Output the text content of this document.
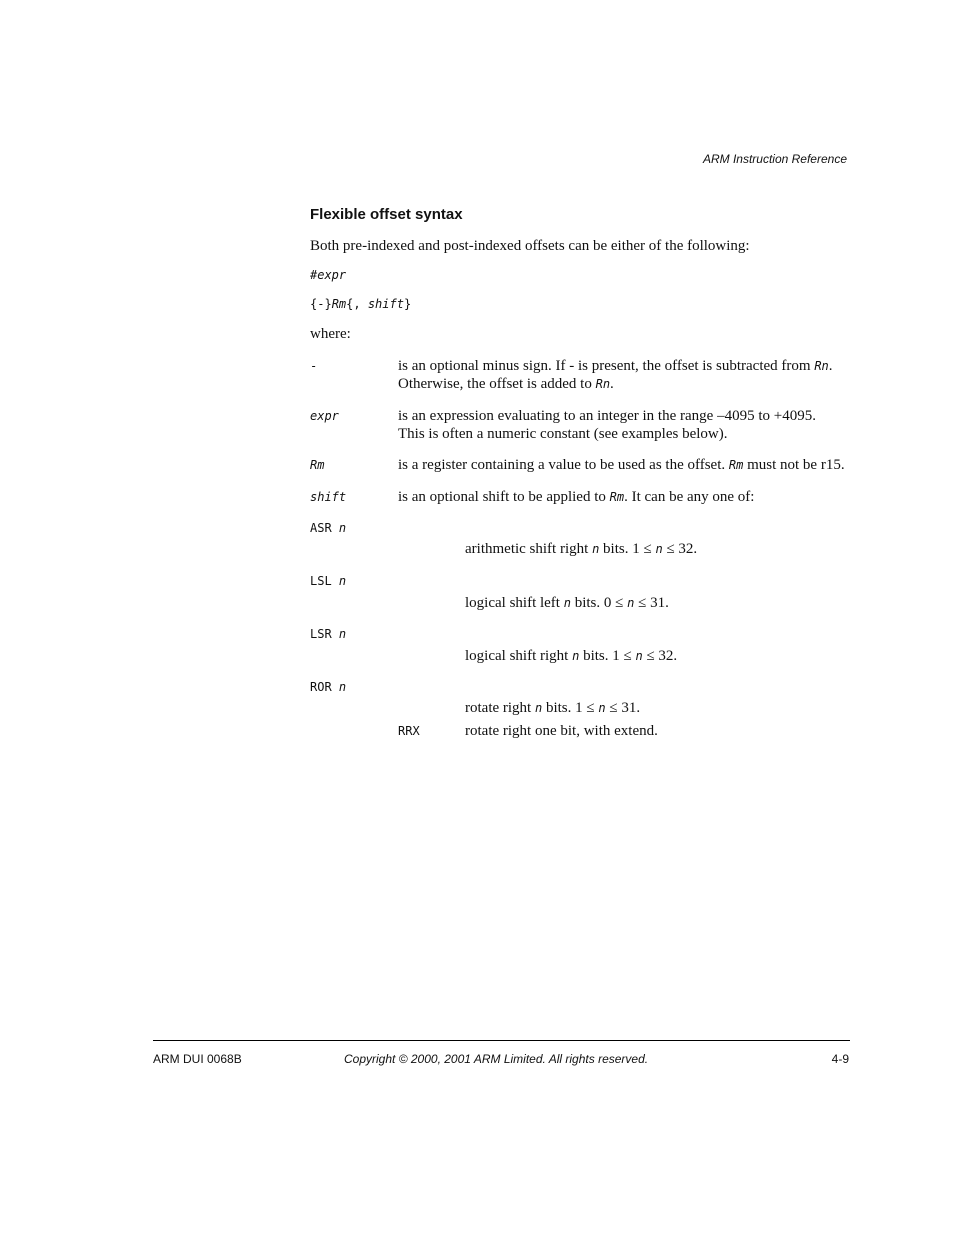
ARM Instruction Reference
Flexible offset syntax
Both pre-indexed and post-indexed offsets can be either of the following:
#expr
{-}Rm{, shift}
where:
-	is an optional minus sign. If - is present, the offset is subtracted from Rn.
Otherwise, the offset is added to Rn.
expr	is an expression evaluating to an integer in the range –4095 to +4095.
This is often a numeric constant (see examples below).
Rm	is a register containing a value to be used as the offset. Rm must not be r15.
shift	is an optional shift to be applied to Rm. It can be any one of:
ASR n
arithmetic shift right n bits. 1 ≤ n ≤ 32.
LSL n
logical shift left n bits. 0 ≤ n ≤ 31.
LSR n
logical shift right n bits. 1 ≤ n ≤ 32.
ROR n
rotate right n bits. 1 ≤ n ≤ 31.
RRX	rotate right one bit, with extend.
ARM DUI 0068B	Copyright © 2000, 2001 ARM Limited. All rights reserved.	4-9
